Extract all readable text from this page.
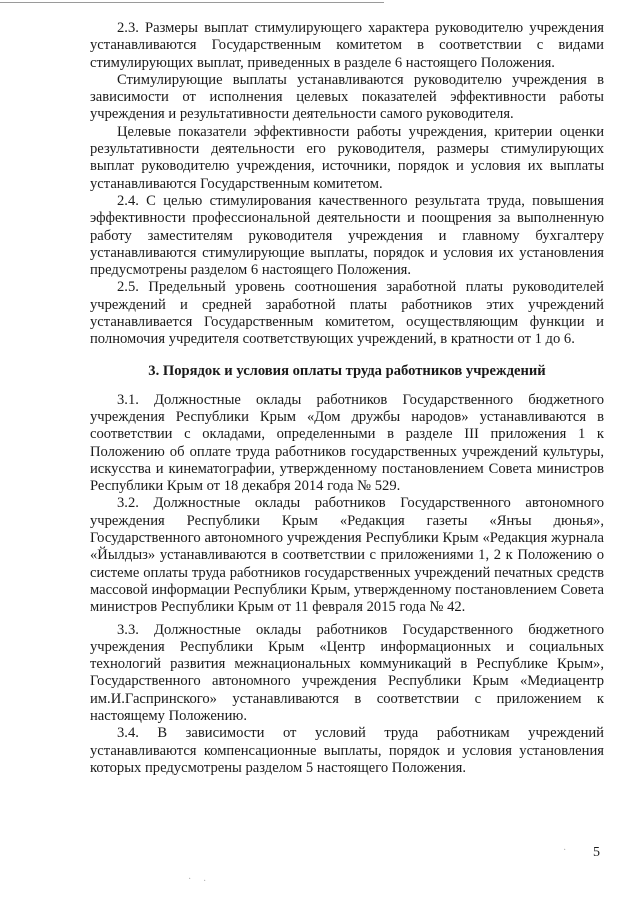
2.3. Размеры выплат стимулирующего характера руководителю учреждения устанавливаются Государственным комитетом в соответствии с видами стимулирующих выплат, приведенных в разделе 6 настоящего Положения.

Стимулирующие выплаты устанавливаются руководителю учреждения в зависимости от исполнения целевых показателей эффективности работы учреждения и результативности деятельности самого руководителя.

Целевые показатели эффективности работы учреждения, критерии оценки результативности деятельности его руководителя, размеры стимулирующих выплат руководителю учреждения, источники, порядок и условия их выплаты устанавливаются Государственным комитетом.

2.4. С целью стимулирования качественного результата труда, повышения эффективности профессиональной деятельности и поощрения за выполненную работу заместителям руководителя учреждения и главному бухгалтеру устанавливаются стимулирующие выплаты, порядок и условия их установления предусмотрены разделом 6 настоящего Положения.

2.5. Предельный уровень соотношения заработной платы руководителей учреждений и средней заработной платы работников этих учреждений устанавливается Государственным комитетом, осуществляющим функции и полномочия учредителя соответствующих учреждений, в кратности от 1 до 6.

3. Порядок и условия оплаты труда работников учреждений

3.1. Должностные оклады работников Государственного бюджетного учреждения Республики Крым «Дом дружбы народов» устанавливаются в соответствии с окладами, определенными в разделе III приложения 1 к Положению об оплате труда работников государственных учреждений культуры, искусства и кинематографии, утвержденному постановлением Совета министров Республики Крым от 18 декабря 2014 года № 529.

3.2. Должностные оклады работников Государственного автономного учреждения Республики Крым «Редакция газеты «Янъы дюнья», Государственного автономного учреждения Республики Крым «Редакция журнала «Йылдыз» устанавливаются в соответствии с приложениями 1, 2 к Положению о системе оплаты труда работников государственных учреждений печатных средств массовой информации Республики Крым, утвержденному постановлением Совета министров Республики Крым от 11 февраля 2015 года № 42.

3.3. Должностные оклады работников Государственного бюджетного учреждения Республики Крым «Центр информационных и социальных технологий развития межнациональных коммуникаций в Республике Крым», Государственного автономного учреждения Республики Крым «Медиацентр им.И.Гаспринского» устанавливаются в соответствии с приложением к настоящему Положению.

3.4. В зависимости от условий труда работникам учреждений устанавливаются компенсационные выплаты, порядок и условия установления которых предусмотрены разделом 5 настоящего Положения.

5
·
· ·
